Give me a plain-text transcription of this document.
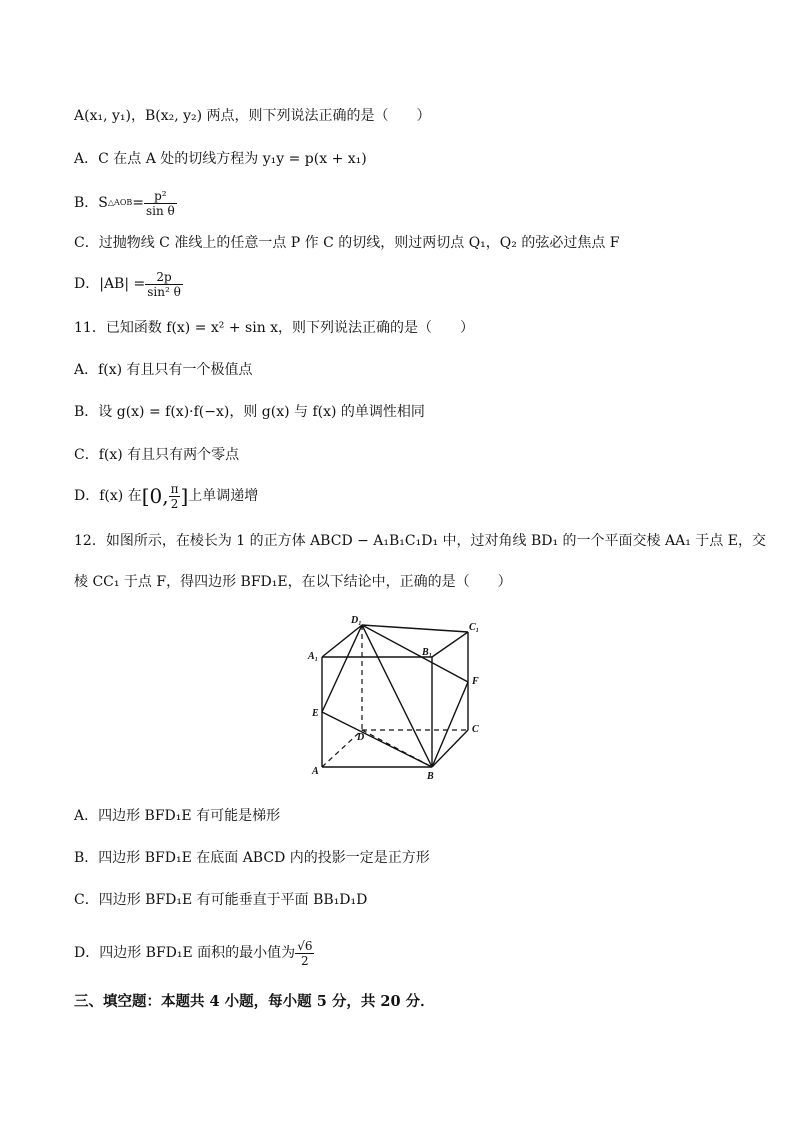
A(x₁, y₁)，B(x₂, y₂) 两点，则下列说法正确的是（　　）
A．C 在点 A 处的切线方程为 y₁y = p(x + x₁)
B．S △AOB = $\frac{\text{p²}}{\text{sin θ}}$
C．过抛物线 C 准线上的任意一点 P 作 C 的切线，则过两切点 Q₁，Q₂ 的弦必过焦点 F
D．$|AB| = \frac{2p}{\text{sin² θ}}$
11．已知函数 f(x) = x² + sin x，则下列说法正确的是（　　）
A．f(x) 有且只有一个极值点
B．设 g(x) = f(x)·f(−x)，则 g(x) 与 f(x) 的单调性相同
C．f(x) 有且只有两个零点
D．f(x) 在 [0, $\frac{\pi}{2}$ ] 上单调递增
12．如图所示，在棱长为 1 的正方体 ABCD − A₁B₁C₁D₁ 中，过对角线 BD₁ 的一个平面交棱 AA₁ 于点 E，交
棱 CC₁ 于点 F，得四边形 BFD₁E，在以下结论中，正确的是（　　）
D₁
C₁
A₁	B₁
F
E
D
C
A	B
A．四边形 BFD₁E 有可能是梯形
B．四边形 BFD₁E 在底面 ABCD 内的投影一定是正方形
C．四边形 BFD₁E 有可能垂直于平面 BB₁D₁D
D．四边形 BFD₁E 面积的最小值为 $\frac{√6}{2}$
三、填空题：本题共 4 小题，每小题 5 分，共 20 分．
